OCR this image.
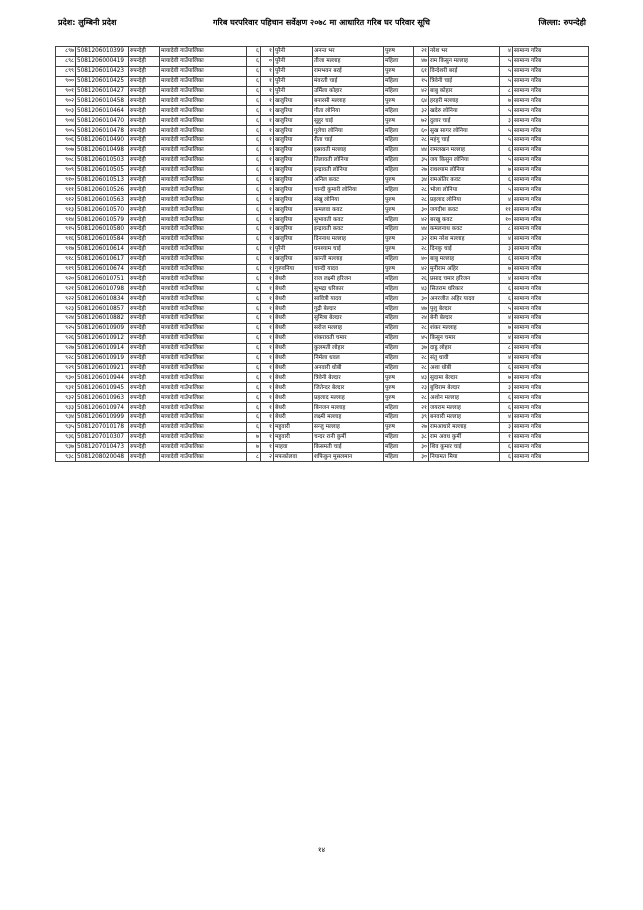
प्रदेश: लुम्बिनी प्रदेश	गरिब घरपरिवार पहिचान सर्वेक्षण २०७८ मा आधारित गरिब घर परिवार सूचि	जिल्ला: रुपन्देही
८९७	5081206010399	रुपन्देही	मायादेवी गाउँपालिका	६	१	पुरैनी	अनन्त भर	पुरुष	२१	नरेश भर	४	सामान्य गरिब
८९८	5081206000419	रुपन्देही	मायादेवी गाउँपालिका	६	०	पुरैनी	तीजा मल्लाह	महिला	४७	राम किसुन मल्लाह	५	सामान्य गरिब
८९९	5081206010423	रुपन्देही	मायादेवी गाउँपालिका	६	१	पुरैनी	रामभवन बरई	पुरुष	६१	विन्देशरी बरई	५	सामान्य गरिब
९००	5081206010425	रुपन्देही	मायादेवी गाउँपालिका	६	१	पुरैनी	मंवरती चाई	महिला	१५	त्रिवेनी चाई	५	सामान्य गरिब
९०१	5081206010427	रुपन्देही	मायादेवी गाउँपालिका	६	१	पुरैनी	उर्मिला कोहार	महिला	४२	बाबु कोहार	८	सामान्य गरिब
९०२	5081206010458	रुपन्देही	मायादेवी गाउँपालिका	६	१	खजुरिया	बनारसी मल्लाह	पुरुष	६४	हरहरी मल्लाह	७	सामान्य गरिब
९०३	5081206010464	रुपन्देही	मायादेवी गाउँपालिका	६	१	खजुरिया	गीता लोनिया	महिला	३२	खदेरु लोनिया	५	सामान्य गरिब
९०४	5081206010470	रुपन्देही	मायादेवी गाउँपालिका	६	१	खजुरिया	सुहुर चाई	पुरुष	७२	दुलार चाई	३	सामान्य गरिब
९०५	5081206010478	रुपन्देही	मायादेवी गाउँपालिका	६	१	खजुरिया	गुलेचा लोनिया	महिला	६०	सुख सागर लोनिया	५	सामान्य गरिब
९०६	5081206010490	रुपन्देही	मायादेवी गाउँपालिका	६	१	खजुरिया	रीता चाई	महिला	२८	महंगु चाई	५	सामान्य गरिब
९०७	5081206010498	रुपन्देही	मायादेवी गाउँपालिका	६	१	खजुरिया	इस्रावती मल्लाह	महिला	४४	रामलखन मल्लाह	६	सामान्य गरिब
९०८	5081206010503	रुपन्देही	मायादेवी गाउँपालिका	६	१	खजुरिया	तिलावती लोनिया	महिला	३५	जय किसुन लोनिया	५	सामान्य गरिब
९०९	5081206010505	रुपन्देही	मायादेवी गाउँपालिका	६	१	खजुरिया	इन्द्रावती लोनिया	महिला	२७	राधश्याम लोनिया	७	सामान्य गरिब
९१०	5081206010513	रुपन्देही	मायादेवी गाउँपालिका	६	१	खजुरिया	अनिल कवट	पुरुष	३४	रामअंतिर कवट	६	सामान्य गरिब
९११	5081206010526	रुपन्देही	मायादेवी गाउँपालिका	६	१	खजुरिया	चान्दी कुमारी लोनिया	महिला	२८	भोला लोनिया	५	सामान्य गरिब
९१२	5081206010563	रुपन्देही	मायादेवी गाउँपालिका	६	१	खजुरिया	संखु लोनिया	पुरुष	२८	प्रहलाद लोनिया	४	सामान्य गरिब
९१३	5081206010570	रुपन्देही	मायादेवी गाउँपालिका	६	१	खजुरिया	कमलवा कवट	पुरुष	३०	जगदीश कवट	११	सामान्य गरिब
९१४	5081206010579	रुपन्देही	मायादेवी गाउँपालिका	६	१	खजुरिया	सुभावती कवट	महिला	४२	बरखु कवट	१०	सामान्य गरिब
९१५	5081206010580	रुपन्देही	मायादेवी गाउँपालिका	६	१	खजुरिया	इन्द्रावती कवट	महिला	४४	कमलनाथ कवट	८	सामान्य गरिब
९१६	5081206010584	रुपन्देही	मायादेवी गाउँपालिका	६	१	खजुरिया	दिननाथ मल्लाह	पुरुष	३२	राम नरेश मल्लाह	४	सामान्य गरिब
९१७	5081206010614	रुपन्देही	मायादेवी गाउँपालिका	६	१	पुरैनी	घनश्याम चाई	पुरुष	२८	दिनकु चाई	३	सामान्य गरिब
९१८	5081206010617	रुपन्देही	मायादेवी गाउँपालिका	६	१	खजुरिया	कान्ती मल्लाह	महिला	४०	बाबु मल्लाह	६	सामान्य गरिब
९१९	5081206010674	रुपन्देही	मायादेवी गाउँपालिका	६	१	गुरुवनिया	चान्दी यादव	पुरुष	४२	मुनीराम अहिर	७	सामान्य गरिब
९२०	5081206010751	रुपन्देही	मायादेवी गाउँपालिका	६	१	बेथरी	राज लक्ष्मी हरिजन	महिला	२६	प्रसाद चमार हरिजन	४	सामान्य गरिब
९२१	5081206010798	रुपन्देही	मायादेवी गाउँपालिका	६	१	बेथरी	सुभद्रा धरिकार	महिला	४३	सितराम धरिकार	६	सामान्य गरिब
९२२	5081206010834	रुपन्देही	मायादेवी गाउँपालिका	६	१	बेथरी	सावित्री यादव	महिला	३०	अनरजीत अहिर यादव	६	सामान्य गरिब
९२३	5081206010857	रुपन्देही	मायादेवी गाउँपालिका	६	१	बेथरी	गुद्री बेल्दार	महिला	४७	पुशु बेल्दार	५	सामान्य गरिब
९२४	5081206010882	रुपन्देही	मायादेवी गाउँपालिका	६	१	बेथरी	सुमित्रा बेल्दार	महिला	२४	बेनी बेल्दार	४	सामान्य गरिब
९२५	5081206010909	रुपन्देही	मायादेवी गाउँपालिका	६	१	बेथरी	सरोज मल्लाह	महिला	२८	शंकर मल्लाह	७	सामान्य गरिब
९२६	5081206010912	रुपन्देही	मायादेवी गाउँपालिका	६	१	बेथरी	शंकरावती चमार	महिला	४५	किसुन चमार	४	सामान्य गरिब
९२७	5081206010914	रुपन्देही	मायादेवी गाउँपालिका	६	१	बेथरी	कुलमती लोहार	महिला	३७	दाह्रु लोहार	८	सामान्य गरिब
९२८	5081206010919	रुपन्देही	मायादेवी गाउँपालिका	६	१	बेथरी	निर्मला धवल	महिला	२८	संतु धावी	४	सामान्य गरिब
९२९	5081206010921	रुपन्देही	मायादेवी गाउँपालिका	६	१	बेथरी	अनवारी धोबी	महिला	२८	अशा धोबी	६	सामान्य गरिब
९३०	5081206010944	रुपन्देही	मायादेवी गाउँपालिका	६	१	बेथरी	त्रिवेनी बेल्दार	पुरुष	४३	सुदामा बेल्दार	७	सामान्य गरिब
९३१	5081206010945	रुपन्देही	मायादेवी गाउँपालिका	६	१	बेथरी	जितेन्दर बेल्दार	पुरुष	२३	बुधिराम बेल्दार	३	सामान्य गरिब
९३२	5081206010963	रुपन्देही	मायादेवी गाउँपालिका	६	१	बेथरी	प्रहलाद मल्लाह	पुरुष	२८	अशोन मल्लाह	६	सामान्य गरिब
९३३	5081206010974	रुपन्देही	मायादेवी गाउँपालिका	६	१	बेथरी	बिनजन मल्लाह	महिला	२१	जयराम मल्लाह	६	सामान्य गरिब
९३४	5081206010999	रुपन्देही	मायादेवी गाउँपालिका	६	१	बेथरी	लक्ष्मी मल्लाह	महिला	३९	बनवारी मल्लाह	४	सामान्य गरिब
९३५	5081207010178	रुपन्देही	मायादेवी गाउँपालिका	६	१	महुवारी	सन्जु मल्लाह	पुरुष	२७	रामआधारे मल्लाह	३	सामान्य गरिब
९३६	5081207010307	रुपन्देही	मायादेवी गाउँपालिका	७	१	महुवारी	चन्दर रानी कुर्मी	महिला	३८	राम अवध कुर्मी	१	सामान्य गरिब
९३७	5081207010473	रुपन्देही	मायादेवी गाउँपालिका	७	१	माहवा	किसमती चाई	महिला	३०	शिव कुमार चाई	६	सामान्य गरिब
९३८	5081208020048	रुपन्देही	मायादेवी गाउँपालिका	८	२	मफकोलवा	शफिकुन मुसलमान	महिला	३०	नियामत मिया	६	सामान्य गरिब
१४
